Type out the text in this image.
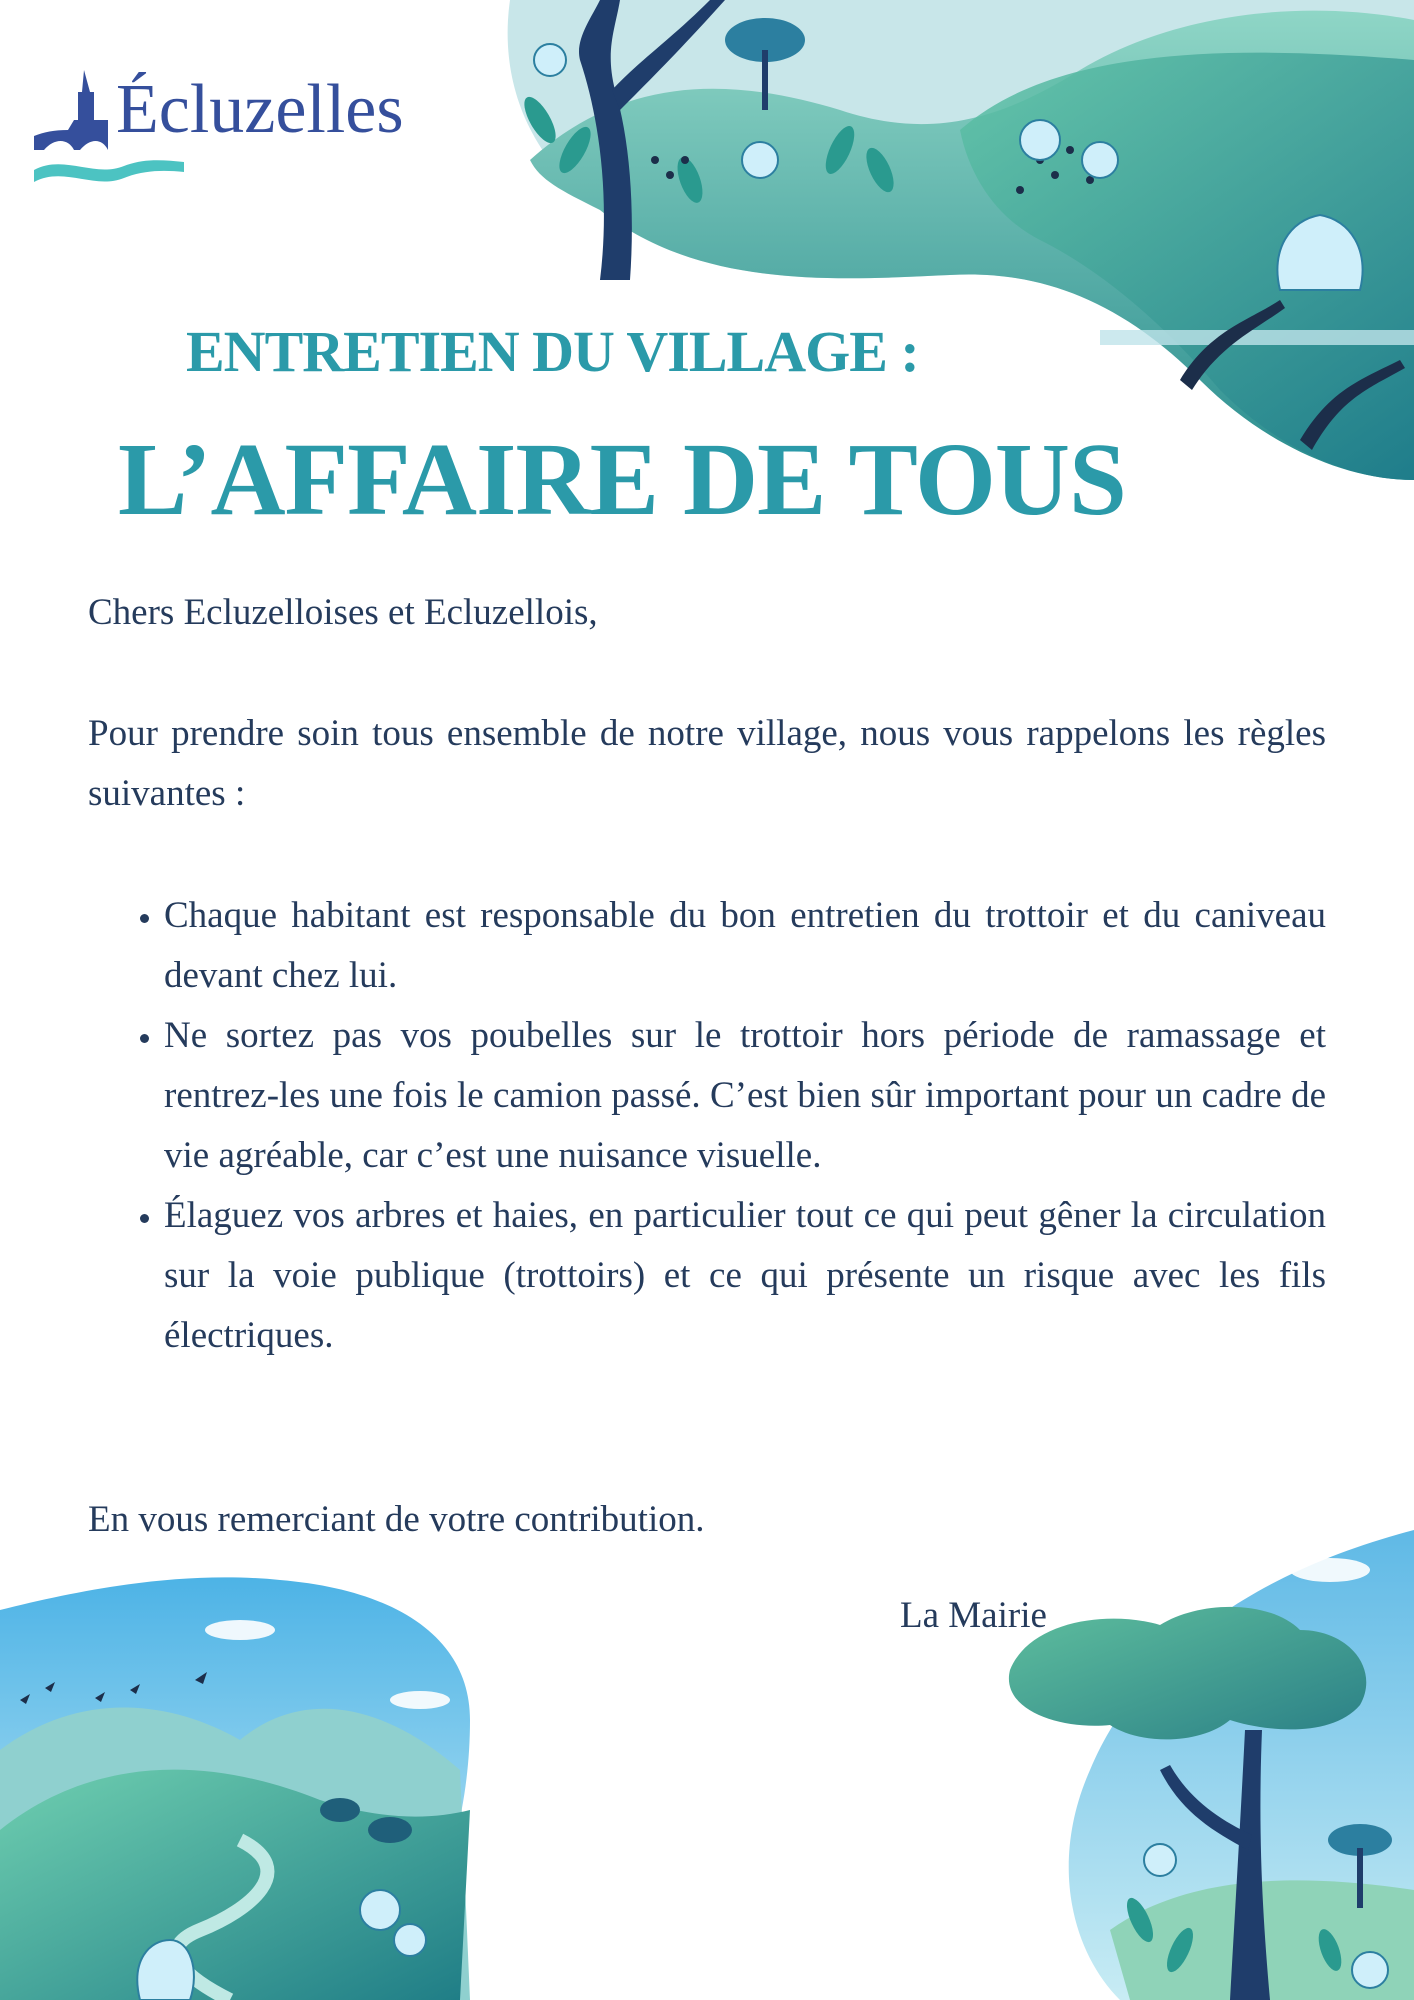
Écluzelles
ENTRETIEN DU VILLAGE :
L’AFFAIRE DE TOUS
Chers Ecluzelloises et Ecluzellois,
Pour prendre soin tous ensemble de notre village, nous vous rappelons les règles suivantes :
• Chaque habitant est responsable du bon entretien du trottoir et du caniveau devant chez lui.
• Ne sortez pas vos poubelles sur le trottoir hors période de ramassage et rentrez-les une fois le camion passé. C’est bien sûr important pour un cadre de vie agréable, car c’est une nuisance visuelle.
• Élaguez vos arbres et haies, en particulier tout ce qui peut gêner la circulation sur la voie publique (trottoirs) et ce qui présente un risque avec les fils électriques.
En vous remerciant de votre contribution.
La Mairie
